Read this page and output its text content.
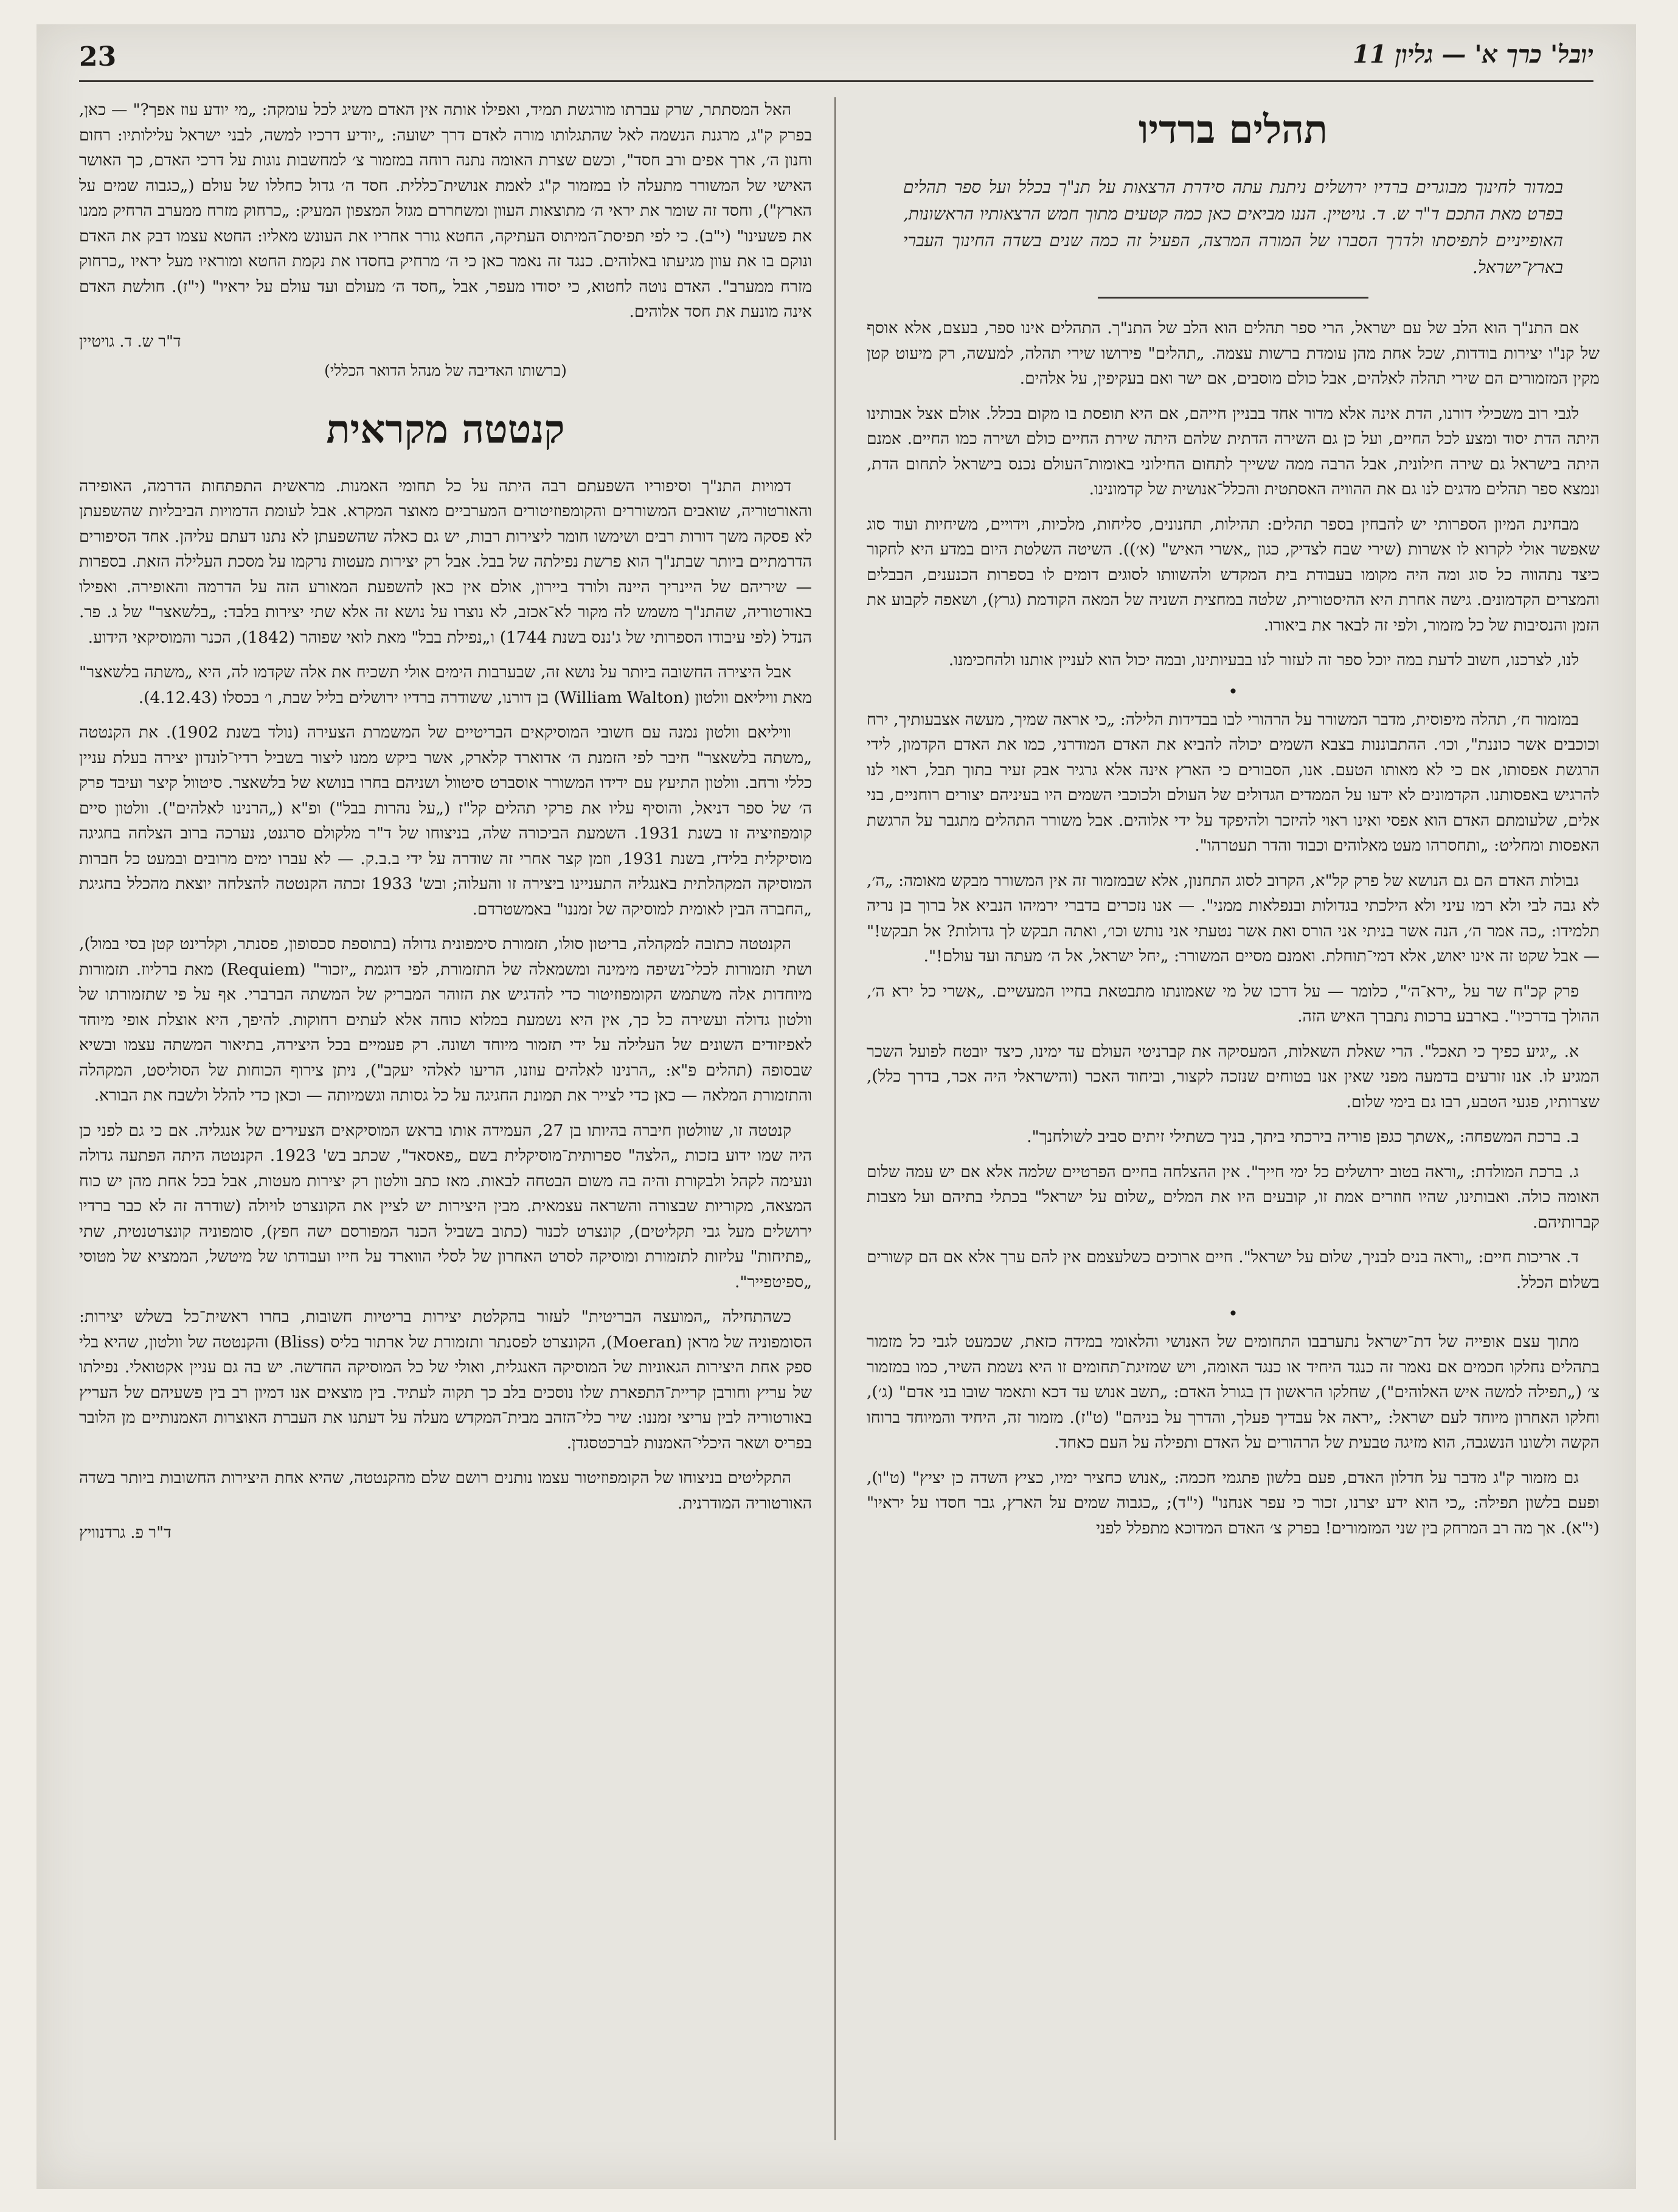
23	יובל' כרך א' — גליון 11
תהלים ברדיו
במדור לחינוך מבוגרים ברדיו ירושלים ניתנת עתה סידרת הרצאות על תנ"ך בכלל ועל ספר תהלים בפרט מאת התכם ד"ר ש. ד. גויטיין. הננו מביאים כאן כמה קטעים מתוך חמש הרצאותיו הראשונות, האופייניים לתפיסתו ולדרך הסברו של המורה המרצה, הפעיל זה כמה שנים בשדה החינוך העברי בארץ־ישראל.

אם התנ"ך הוא הלב של עם ישראל, הרי ספר תהלים הוא הלב של התנ"ך. התהלים אינו ספר, בעצם, אלא אוסף של קנ"ו יצירות בודדות, שכל אחת מהן עומדת ברשות עצמה. „תהלים" פירושו שירי תהלה, למעשה, רק מיעוט קטן מקין המזמורים הם שירי תהלה לאלהים, אבל כולם מוסבים, אם ישר ואם בעקיפין, על אלהים.

לגבי רוב משכילי דורנו, הדת אינה אלא מדור אחד בבניין חייהם, אם היא תופסת בו מקום בכלל. אולם אצל אבותינו היתה הדת יסוד ומצע לכל החיים, ועל כן גם השירה הדתית שלהם היתה שירת החיים כולם ושירה כמו החיים. אמנם היתה בישראל גם שירה חילונית, אבל הרבה ממה ששייך לתחום החילוני באומות־העולם נכנס בישראל לתחום הדת, ונמצא ספר תהלים מדגים לנו גם את ההוויה האסתטית והכלל־אנושית של קדמונינו.

מבחינת המיון הספרותי יש להבחין בספר תהלים: תהילות, תחנונים, סליחות, מלכיות, וידויים, משיחיות ועוד סוג שאפשר אולי לקרוא לו אשרות (שירי שבח לצדיק, כגון „אשרי האיש" (א׳)). השיטה השלטת היום במדע היא לחקור כיצד נתהווה כל סוג ומה היה מקומו בעבודת בית המקדש ולהשוותו לסוגים דומים לו בספרות הכנענים, הבבלים והמצרים הקדמונים. גישה אחרת היא ההיסטורית, שלטה במחצית השניה של המאה הקודמת (גרץ), ושאפה לקבוע את הזמן והנסיבות של כל מזמור, ולפי זה לבאר את ביאורו.

לנו, לצרכנו, חשוב לדעת במה יוכל ספר זה לעזור לנו בבעיותינו, ובמה יכול הוא לעניין אותנו ולהחכימנו.

•

במזמור ח׳, תהלה מיפוסית, מדבר המשורר על הרהורי לבו בבדידות הלילה: „כי אראה שמיך, מעשה אצבעותיך, ירח וכוכבים אשר כוננת", וכו׳. ההתבוננות בצבא השמים יכולה להביא את האדם המודרני, כמו את האדם הקדמון, לידי הרגשת אפסותו, אם כי לא מאותו הטעם. אנו, הסבורים כי הארץ אינה אלא גרגיר אבק זעיר בתוך תבל, ראוי לנו להרגיש באפסותנו. הקדמונים לא ידעו על הממדים הגדולים של העולם ולכוכבי השמים היו בעיניהם יצורים רוחניים, בני אלים, שלעומתם האדם הוא אפסי ואינו ראוי להיזכר ולהיפקד על ידי אלוהים. אבל משורר התהלים מתגבר על הרגשת האפסות ומחליט: „ותחסרהו מעט מאלוהים וכבוד והדר תעטרהו".

גבולות האדם הם גם הנושא של פרק קל"א, הקרוב לסוג התחנון, אלא שבמזמור זה אין המשורר מבקש מאומה: „ה׳, לא גבה לבי ולא רמו עיני ולא הילכתי בגדולות ובנפלאות ממני". — אנו נזכרים בדברי ירמיהו הנביא אל ברוך בן נריה תלמידו: „כה אמר ה׳, הנה אשר בניתי אני הורס ואת אשר נטעתי אני נותש וכו׳, ואתה תבקש לך גדולות? אל תבקש!" — אבל שקט זה אינו יאוש, אלא דמי־תוחלת. ואמנם מסיים המשורר: „יחל ישראל, אל ה׳ מעתה ועד עולם!".

פרק קכ"ח שר על „ירא־ה׳", כלומר — על דרכו של מי שאמונתו מתבטאת בחייו המעשיים. „אשרי כל ירא ה׳, ההולך בדרכיו". בארבע ברכות נתברך האיש הזה.

א. „יגיע כפיך כי תאכל". הרי שאלת השאלות, המעסיקה את קברניטי העולם עד ימינו, כיצד יובטח לפועל השכר המגיע לו. אנו זורעים בדמעה מפני שאין אנו בטוחים שנזכה לקצור, וביחוד האכר (והישראלי היה אכר, בדרך כלל), שצרותיו, פגעי הטבע, רבו גם בימי שלום.

ב. ברכת המשפחה: „אשתך כגפן פוריה בירכתי ביתך, בניך כשתילי זיתים סביב לשולחנך".

ג. ברכת המולדת: „וראה בטוב ירושלים כל ימי חייך". אין ההצלחה בחיים הפרטיים שלמה אלא אם יש עמה שלום האומה כולה. ואבותינו, שהיו חוזרים אמת זו, קובעים היו את המלים „שלום על ישראל" בכתלי בתיהם ועל מצבות קברותיהם.

ד. אריכות חיים: „וראה בנים לבניך, שלום על ישראל". חיים ארוכים כשלעצמם אין להם ערך אלא אם הם קשורים בשלום הכלל.

•

מתוך עצם אופייה של דת־ישראל נתערבבו התחומים של האנושי והלאומי במידה כזאת, שכמעט לגבי כל מזמור בתהלים נחלקו חכמים אם נאמר זה כנגד היחיד או כנגד האומה, ויש שמזיגת־תחומים זו היא נשמת השיר, כמו במזמור צ׳ („תפילה למשה איש האלוהים"), שחלקו הראשון דן בגורל האדם: „תשב אנוש עד דכא ותאמר שובו בני אדם" (ג׳), וחלקו האחרון מיוחד לעם ישראל: „יראה אל עבדיך פעלך, והדרך על בניהם" (ט"ז). מזמור זה, היחיד והמיוחד ברוחו הקשה ולשונו הנשגבה, הוא מזיגה טבעית של הרהורים על האדם ותפילה על העם כאחד.

גם מזמור ק"ג מדבר על חדלון האדם, פעם בלשון פתגמי חכמה: „אנוש כחציר ימיו, כציץ השדה כן יציץ" (ט"ו), ופעם בלשון תפילה: „כי הוא ידע יצרנו, זכור כי עפר אנחנו" (י"ד); „כגבוה שמים על הארץ, גבר חסדו על יראיו" (י"א). אך מה רב המרחק בין שני המזמורים! בפרק צ׳ האדם המדוכא מתפלל לפני

האל המסתתר, שרק עברתו מורגשת תמיד, ואפילו אותה אין האדם משיג לכל עומקה: „מי יודע עוז אפך?" — כאן, בפרק ק"ג, מרגנת הנשמה לאל שהתגלותו מורה לאדם דרך ישועה: „יודיע דרכיו למשה, לבני ישראל עלילותיו: רחום וחנון ה׳, ארך אפים ורב חסד", וכשם שצרת האומה נתנה רוחה במזמור צ׳ למחשבות נוגות על דרכי האדם, כך האושר האישי של המשורר מתעלה לו במזמור ק"ג לאמת אנושית־כללית. חסד ה׳ גדול כחללו של עולם („כגבוה שמים על הארץ"), וחסד זה שומר את יראי ה׳ מתוצאות העוון ומשחררם מגזל המצפון המעיק: „כרחוק מזרח ממערב הרחיק ממנו את פשעינו" (י"ב). כי לפי תפיסת־המיתוס העתיקה, החטא גורר אחריו את העונש מאליו: החטא עצמו דבק את האדם ונוקם בו את עוון מגיעתו באלוהים. כנגד זה נאמר כאן כי ה׳ מרחיק בחסדו את נקמת החטא ומוראיו מעל יראיו „כרחוק מזרח ממערב". האדם נוטה לחטוא, כי יסודו מעפר, אבל „חסד ה׳ מעולם ועד עולם על יראיו" (י"ז). חולשת האדם אינה מונעת את חסד אלוהים.

ד"ר ש. ד. גויטיין
(ברשותו האדיבה של מנהל הדואר הכללי)
קנטטה מקראית

דמויות התנ"ך וסיפוריו השפעתם רבה היתה על כל תחומי האמנות. מראשית התפתחות הדרמה, האופירה והאורטוריה, שואבים המשוררים והקומפוזיטורים המערביים מאוצר המקרא. אבל לעומת הדמויות הביבליות שהשפעתן לא פסקה משך דורות רבים ושימשו חומר ליצירות רבות, יש גם כאלה שהשפעתן לא נתנו דעתם עליהן. אחד הסיפורים הדרמתיים ביותר שבתנ"ך הוא פרשת נפילתה של בבל. אבל רק יצירות מעטות נרקמו על מסכת העלילה הזאת. בספרות — שיריהם של היינריך היינה ולורד ביירון, אולם אין כאן להשפעת המאורע הזה על הדרמה והאופירה. ואפילו באורטוריה, שהתנ"ך משמש לה מקור לא־אכזב, לא נוצרו על נושא זה אלא שתי יצירות בלבד: „בלשאצר" של ג. פר. הנדל (לפי עיבודו הספרותי של ג'ננס בשנת 1744) ו„נפילת בבל" מאת לואי שפוהר (1842), הכנר והמוסיקאי הידוע.

אבל היצירה החשובה ביותר על נושא זה, שבערבות הימים אולי תשכיח את אלה שקדמו לה, היא „משתה בלשאצר" מאת וויליאם וולטון (William Walton) בן דורנו, ששודרה ברדיו ירושלים בליל שבת, ו׳ בכסלו (4.12.43).

וויליאם וולטון נמנה עם חשובי המוסיקאים הבריטיים של המשמרת הצעירה (נולד בשנת 1902). את הקנטטה „משתה בלשאצר" חיבר לפי הזמנת ה׳ אדוארד קלארק, אשר ביקש ממנו ליצור בשביל רדיו־לונדון יצירה בעלת עניין כללי ורחב. וולטון התיעץ עם ידידו המשורר אוסברט סיטוול ושניהם בחרו בנושא של בלשאצר. סיטוול קיצר ועיבד פרק ה׳ של ספר דניאל, והוסיף עליו את פרקי תהלים קל"ז („על נהרות בבל") ופ"א („הרנינו לאלהים"). וולטון סיים קומפוזיציה זו בשנת 1931. השמעת הביכורה שלה, בניצוחו של ד"ר מלקולם סרגנט, נערכה ברוב הצלחה בחגיגה מוסיקלית בלידז, בשנת 1931, וזמן קצר אחרי זה שודרה על ידי ב.ב.ק. — לא עברו ימים מרובים ובמעט כל חברות המוסיקה המקהלתית באנגליה התעניינו ביצירה זו והעלוה; ובש' 1933 זכתה הקנטטה להצלחה יוצאת מהכלל בחגיגת „החברה הבין לאומית למוסיקה של זמננו" באמשטרדם.

הקנטטה כתובה למקהלה, בריטון סולו, תזמורת סימפונית גדולה (בתוספת סכסופון, פסנתר, וקלרינט קטן בסי במול), ושתי תזמורות לכלי־נשיפה מימינה ומשמאלה של התזמורת, לפי דוגמת „יזכור" (Requiem) מאת ברליוז. תזמורות מיוחדות אלה משתמש הקומפוזיטור כדי להדגיש את הזוהר המבריק של המשתה הברברי. אף על פי שתזמורתו של וולטון גדולה ועשירה כל כך, אין היא נשמעת במלוא כוחה אלא לעתים רחוקות. להיפך, היא אוצלת אופי מיוחד לאפיזודים השונים של העלילה על ידי תזמור מיוחד ושונה. רק פעמיים בכל היצירה, בתיאור המשתה עצמו ובשיא שבסופה (תהלים פ"א: „הרנינו לאלהים עוזנו, הריעו לאלהי יעקב"), ניתן צירוף הכוחות של הסוליסט, המקהלה והתזמורת המלאה — כאן כדי לצייר את תמונת החגיגה על כל גסותה וגשמיותה — וכאן כדי להלל ולשבח את הבורא.

קנטטה זו, שוולטון חיברה בהיותו בן 27, העמידה אותו בראש המוסיקאים הצעירים של אנגליה. אם כי גם לפני כן היה שמו ידוע בזכות „הלצה" ספרותית־מוסיקלית בשם „פאסאד", שכתב בש' 1923. הקנטטה היתה הפתעה גדולה ונעימה לקהל ולבקורת והיה בה משום הבטחה לבאות. מאז כתב וולטון רק יצירות מעטות, אבל בכל אחת מהן יש כוח המצאה, מקוריות שבצורה והשראה עצמאית. מבין היצירות יש לציין את הקונצרט לויולה (שודרה זה לא כבר ברדיו ירושלים מעל גבי תקליטים), קונצרט לכנור (כתוב בשביל הכנר המפורסם ישה חפץ), סומפוניה קונצרטנטית, שתי „פתיחות" עליזות לתזמורת ומוסיקה לסרט האחרון של לסלי הווארד על חייו ועבודתו של מיטשל, הממציא של מטוסי „ספיטפייר".

כשהתחילה „המועצה הבריטית" לעזור בהקלטת יצירות בריטיות חשובות, בחרו ראשית־כל בשלש יצירות: הסומפוניה של מראן (Moeran), הקונצרט לפסנתר ותזמורת של ארתור בליס (Bliss) והקנטטה של וולטון, שהיא בלי ספק אחת היצירות הגאוניות של המוסיקה האנגלית, ואולי של כל המוסיקה החדשה. יש בה גם עניין אקטואלי. נפילתו של עריץ וחורבן קריית־התפארת שלו נוסכים בלב כך תקוה לעתיד. בין מוצאים אנו דמיון רב בין פשעיהם של העריץ באורטוריה לבין עריצי זמננו: שיר כלי־הזהב מבית־המקדש מעלה על דעתנו את העברת האוצרות האמנותיים מן הלובר בפריס ושאר היכלי־האמנות לברכטסגדן.

התקליטים בניצוחו של הקומפוזיטור עצמו נותנים רושם שלם מהקנטטה, שהיא אחת היצירות החשובות ביותר בשדה האורטוריה המודרנית.

ד"ר פ. גרדנוויץ
